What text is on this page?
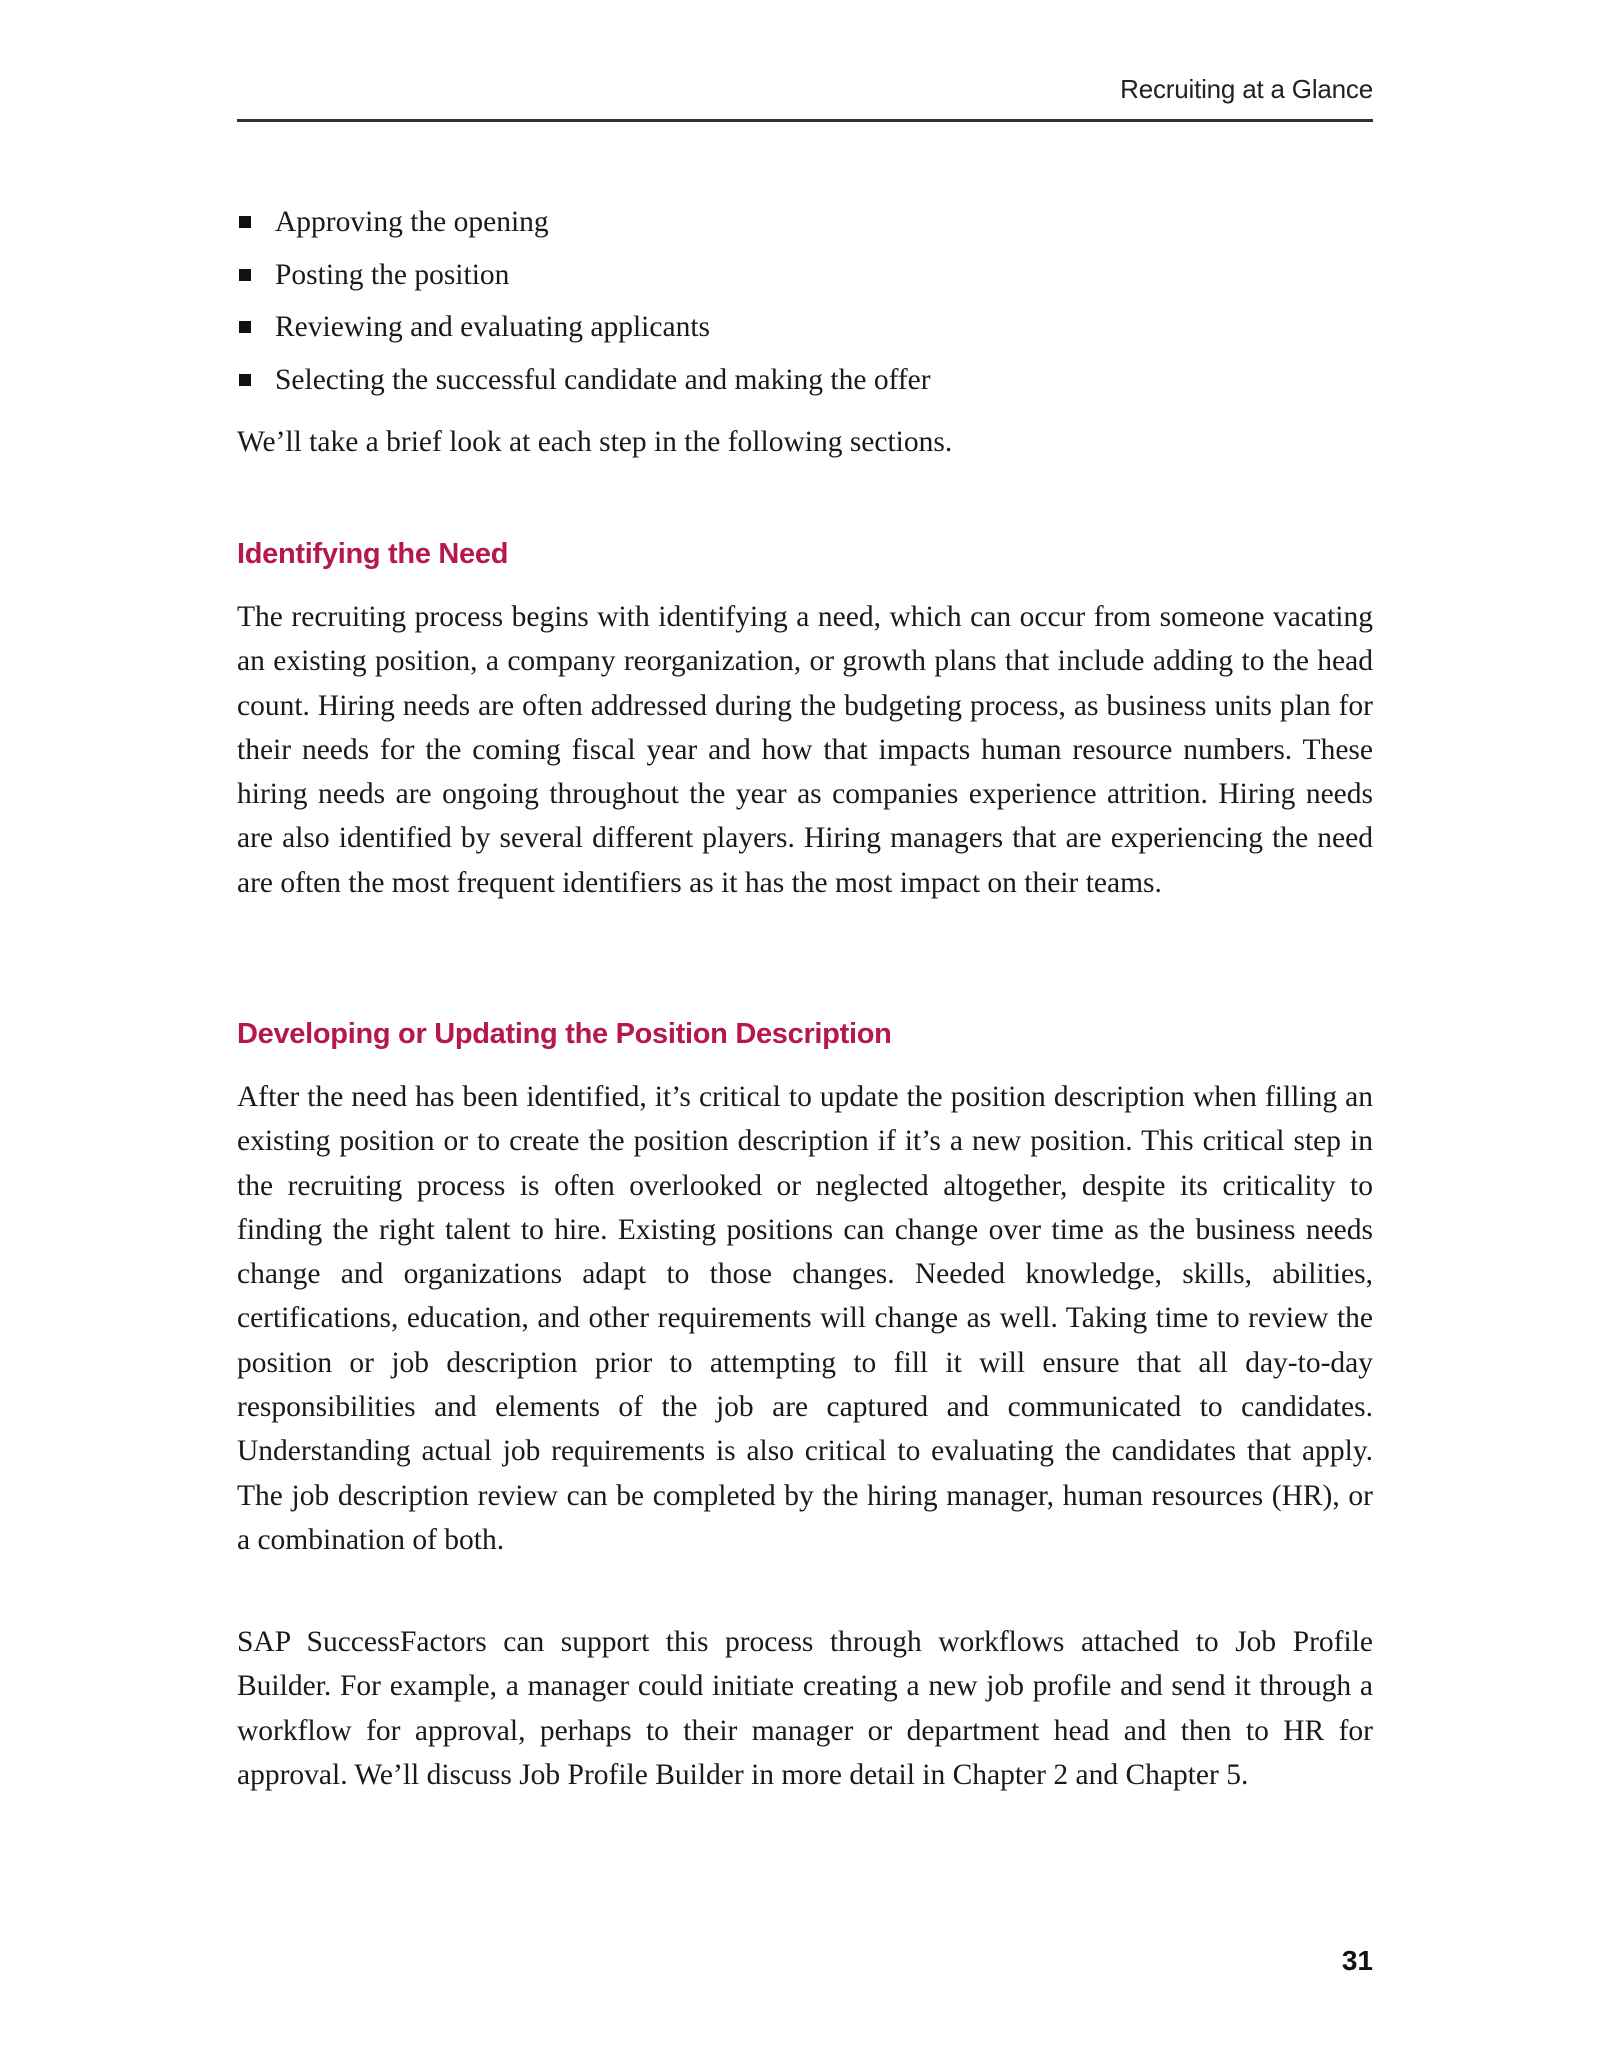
Recruiting at a Glance
Approving the opening
Posting the position
Reviewing and evaluating applicants
Selecting the successful candidate and making the offer

We’ll take a brief look at each step in the following sections.

Identifying the Need

The recruiting process begins with identifying a need, which can occur from someone vacating an existing position, a company reorganization, or growth plans that include adding to the head count. Hiring needs are often addressed during the budgeting process, as business units plan for their needs for the coming fiscal year and how that impacts human resource numbers. These hiring needs are ongoing throughout the year as companies experience attrition. Hiring needs are also identified by several different players. Hiring managers that are experiencing the need are often the most frequent identifiers as it has the most impact on their teams.

Developing or Updating the Position Description

After the need has been identified, it’s critical to update the position description when filling an existing position or to create the position description if it’s a new position. This critical step in the recruiting process is often overlooked or neglected altogether, despite its criticality to finding the right talent to hire. Existing positions can change over time as the business needs change and organizations adapt to those changes. Needed knowledge, skills, abilities, certifications, education, and other requirements will change as well. Taking time to review the position or job description prior to attempting to fill it will ensure that all day-to-day responsibilities and elements of the job are captured and communicated to candidates. Understanding actual job requirements is also critical to evaluating the candidates that apply. The job description review can be completed by the hiring manager, human resources (HR), or a combination of both.

SAP SuccessFactors can support this process through workflows attached to Job Profile Builder. For example, a manager could initiate creating a new job profile and send it through a workflow for approval, perhaps to their manager or department head and then to HR for approval. We’ll discuss Job Profile Builder in more detail in Chapter 2 and Chapter 5.

31
